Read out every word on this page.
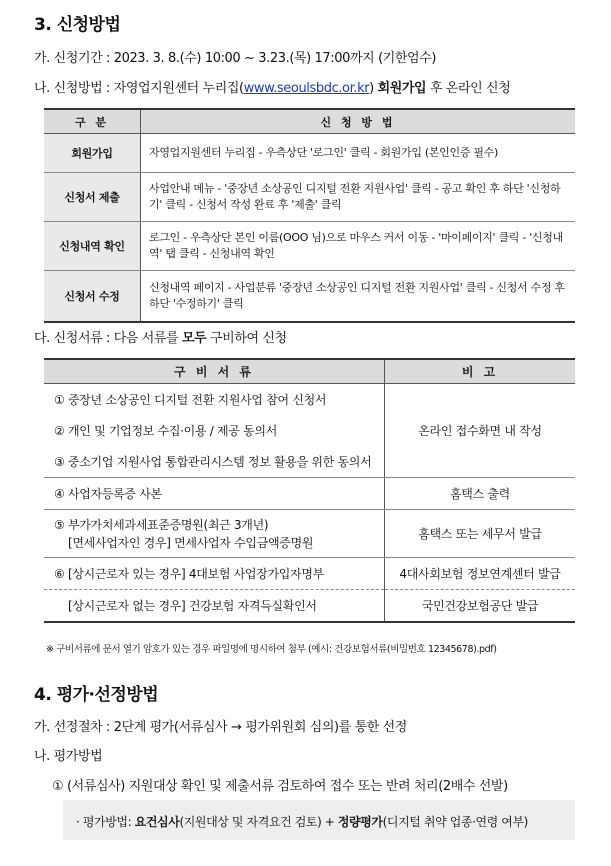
3. 신청방법
가. 신청기간 : 2023. 3. 8.(수) 10:00 ~ 3.23.(목) 17:00까지 (기한엄수)
나. 신청방법 : 자영업지원센터 누리집(www.seoulsbdc.or.kr) 회원가입 후 온라인 신청
구 분	신 청 방 법
회원가입	자영업지원센터 누리집 - 우측상단 '로그인' 클릭 - 회원가입 (본인인증 필수)
신청서 제출	사업안내 메뉴 - '중장년 소상공인 디지털 전환 지원사업' 클릭 - 공고 확인 후 하단 '신청하기' 클릭 - 신청서 작성 완료 후 '제출' 클릭
신청내역 확인	로그인 - 우측상단 본인 이름(OOO 님)으로 마우스 커서 이동 - '마이페이지' 클릭 - '신청내역' 탭 클릭 - 신청내역 확인
신청서 수정	신청내역 페이지 - 사업분류 '중장년 소상공인 디지털 전환 지원사업' 클릭 - 신청서 수정 후 하단 '수정하기' 클릭
다. 신청서류 : 다음 서류를 모두 구비하여 신청
구 비 서 류	비 고
① 중장년 소상공인 디지털 전환 지원사업 참여 신청서	온라인 접수화면 내 작성
② 개인 및 기업정보 수집·이용 / 제공 동의서	
③ 중소기업 지원사업 통합관리시스템 정보 활용을 위한 동의서	
④ 사업자등록증 사본	홈택스 출력

⑤ 부가가치세과세표준증명원(최근 3개년)
[면세사업자인 경우] 면세사업자 수입금액증명원	홈택스 또는 세무서 발급
⑥ [상시근로자 있는 경우] 4대보험 사업장가입자명부	4대사회보험 정보연계센터 발급
[상시근로자 없는 경우] 건강보험 자격득실확인서	국민건강보험공단 발급
※ 구비서류에 문서 열기 암호가 있는 경우 파일명에 명시하여 첨부 (예시: 건강보험서류(비밀번호 12345678).pdf)
4. 평가·선정방법
가. 선정절차 : 2단계 평가(서류심사 → 평가위원회 심의)를 통한 선정
나. 평가방법
① (서류심사) 지원대상 확인 및 제출서류 검토하여 접수 또는 반려 처리(2배수 선발)
· 평가방법: 요건심사(지원대상 및 자격요건 검토) + 정량평가(디지털 취약 업종·연령 여부)
